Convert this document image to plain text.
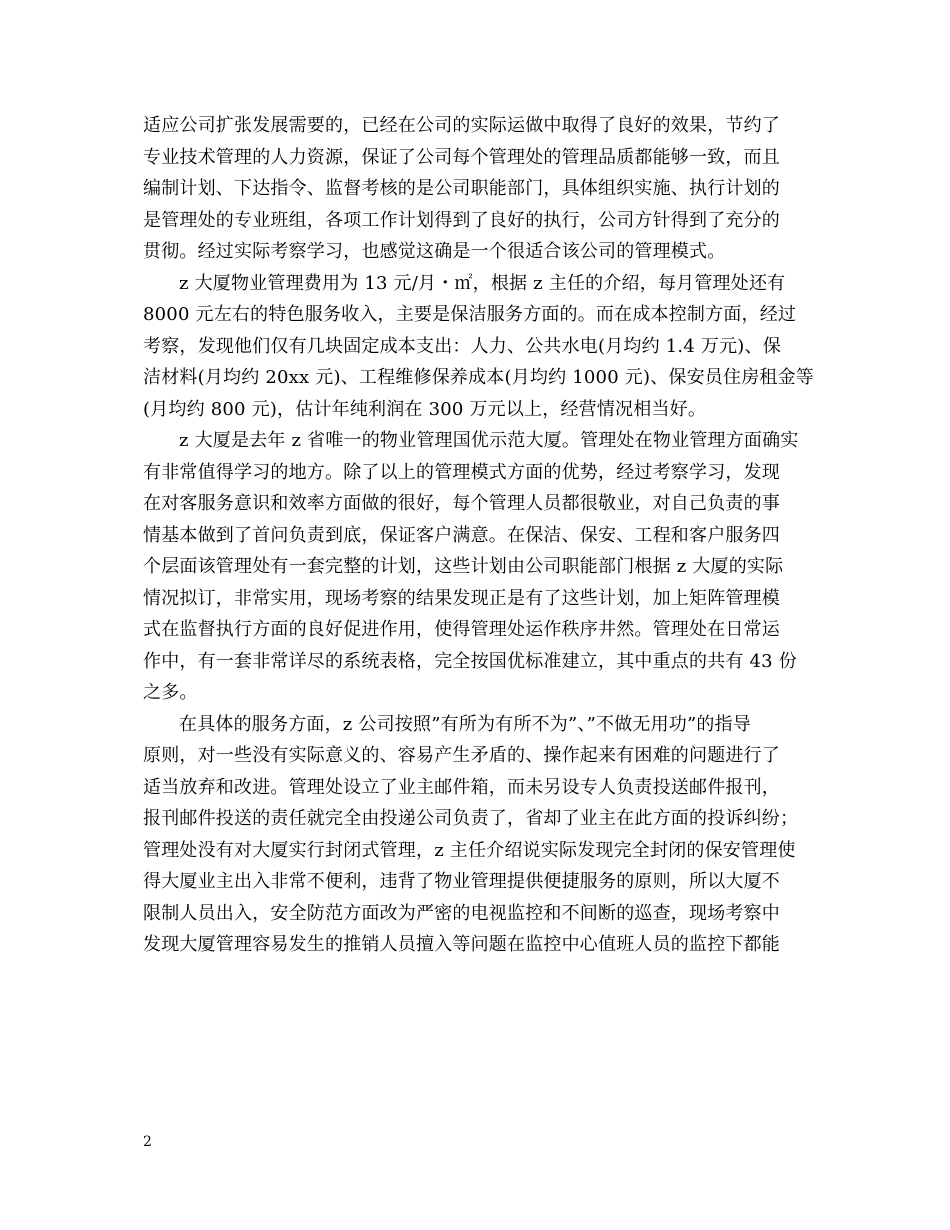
适应公司扩张发展需要的，已经在公司的实际运做中取得了良好的效果，节约了
专业技术管理的人力资源，保证了公司每个管理处的管理品质都能够一致，而且
编制计划、下达指令、监督考核的是公司职能部门，具体组织实施、执行计划的
是管理处的专业班组，各项工作计划得到了良好的执行，公司方针得到了充分的
贯彻。经过实际考察学习，也感觉这确是一个很适合该公司的管理模式。
z 大厦物业管理费用为 13 元/月・㎡，根据 z 主任的介绍，每月管理处还有
8000 元左右的特色服务收入，主要是保洁服务方面的。而在成本控制方面，经过
考察，发现他们仅有几块固定成本支出：人力、公共水电(月均约 1.4 万元)、保
洁材料(月均约 20xx 元)、工程维修保养成本(月均约 1000 元)、保安员住房租金等
(月均约 800 元)，估计年纯利润在 300 万元以上，经营情况相当好。
z 大厦是去年 z 省唯一的物业管理国优示范大厦。管理处在物业管理方面确实
有非常值得学习的地方。除了以上的管理模式方面的优势，经过考察学习，发现
在对客服务意识和效率方面做的很好，每个管理人员都很敬业，对自己负责的事
情基本做到了首问负责到底，保证客户满意。在保洁、保安、工程和客户服务四
个层面该管理处有一套完整的计划，这些计划由公司职能部门根据 z 大厦的实际
情况拟订，非常实用，现场考察的结果发现正是有了这些计划，加上矩阵管理模
式在监督执行方面的良好促进作用，使得管理处运作秩序井然。管理处在日常运
作中，有一套非常详尽的系统表格，完全按国优标准建立，其中重点的共有 43 份
之多。
在具体的服务方面，z 公司按照”有所为有所不为”、”不做无用功”的指导
原则，对一些没有实际意义的、容易产生矛盾的、操作起来有困难的问题进行了
适当放弃和改进。管理处设立了业主邮件箱，而未另设专人负责投送邮件报刊，
报刊邮件投送的责任就完全由投递公司负责了，省却了业主在此方面的投诉纠纷；
管理处没有对大厦实行封闭式管理，z 主任介绍说实际发现完全封闭的保安管理使
得大厦业主出入非常不便利，违背了物业管理提供便捷服务的原则，所以大厦不
限制人员出入，安全防范方面改为严密的电视监控和不间断的巡查，现场考察中
发现大厦管理容易发生的推销人员擅入等问题在监控中心值班人员的监控下都能
2
